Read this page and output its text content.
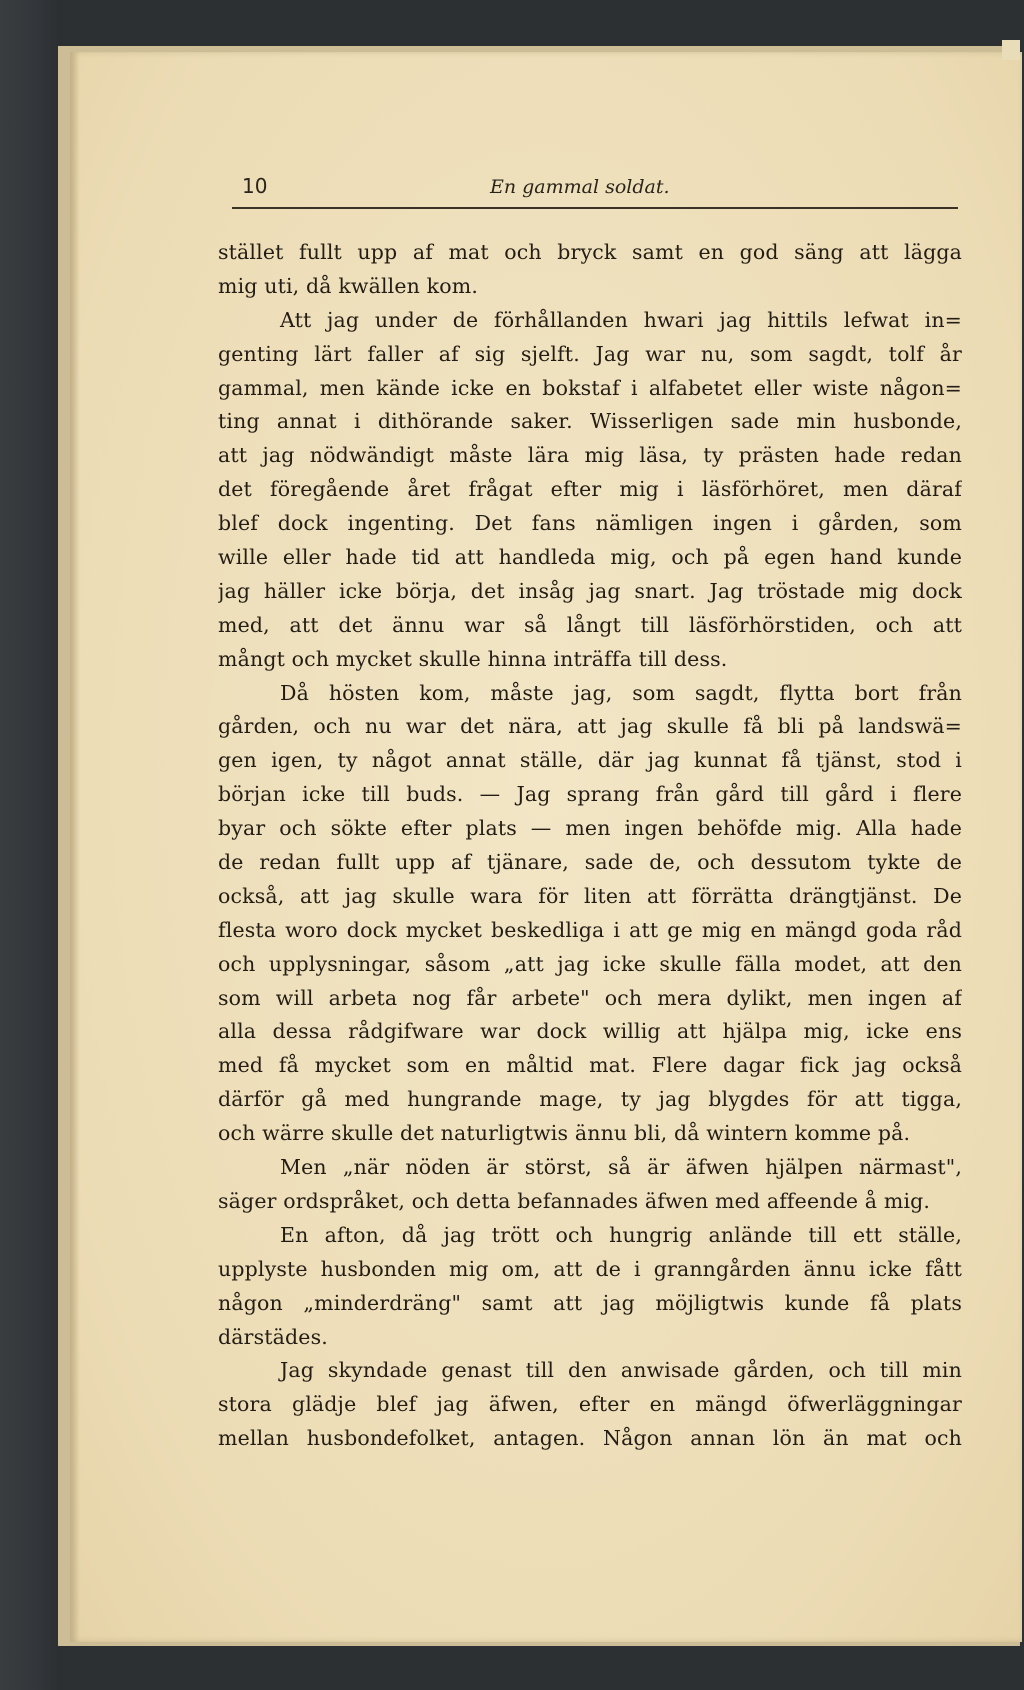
10	En gammal soldat.
stället fullt upp af mat och bryck samt en god säng att lägga
mig uti, då kwällen kom.
Att jag under de förhållanden hwari jag hittils lefwat in=
genting lärt faller af sig sjelft. Jag war nu, som sagdt, tolf år
gammal, men kände icke en bokstaf i alfabetet eller wiste någon=
ting annat i dithörande saker. Wisserligen sade min husbonde,
att jag nödwändigt måste lära mig läsa, ty prästen hade redan
det föregående året frågat efter mig i läsförhöret, men däraf
blef dock ingenting. Det fans nämligen ingen i gården, som
wille eller hade tid att handleda mig, och på egen hand kunde
jag häller icke börja, det insåg jag snart. Jag tröstade mig dock
med, att det ännu war så långt till läsförhörstiden, och att
mångt och mycket skulle hinna inträffa till dess.
Då hösten kom, måste jag, som sagdt, flytta bort från
gården, och nu war det nära, att jag skulle få bli på landswä=
gen igen, ty något annat ställe, där jag kunnat få tjänst, stod i
början icke till buds. — Jag sprang från gård till gård i flere
byar och sökte efter plats — men ingen behöfde mig. Alla hade
de redan fullt upp af tjänare, sade de, och dessutom tykte de
också, att jag skulle wara för liten att förrätta drängtjänst. De
flesta woro dock mycket beskedliga i att ge mig en mängd goda råd
och upplysningar, såsom „att jag icke skulle fälla modet, att den
som will arbeta nog får arbete" och mera dylikt, men ingen af
alla dessa rådgifware war dock willig att hjälpa mig, icke ens
med få mycket som en måltid mat. Flere dagar fick jag också
därför gå med hungrande mage, ty jag blygdes för att tigga,
och wärre skulle det naturligtwis ännu bli, då wintern komme på.
Men „när nöden är störst, så är äfwen hjälpen närmast",
säger ordspråket, och detta befannades äfwen med affeende å mig.
En afton, då jag trött och hungrig anlände till ett ställe,
upplyste husbonden mig om, att de i granngården ännu icke fått
någon „minderdräng" samt att jag möjligtwis kunde få plats
därstädes.
Jag skyndade genast till den anwisade gården, och till min
stora glädje blef jag äfwen, efter en mängd öfwerläggningar
mellan husbondefolket, antagen. Någon annan lön än mat och
